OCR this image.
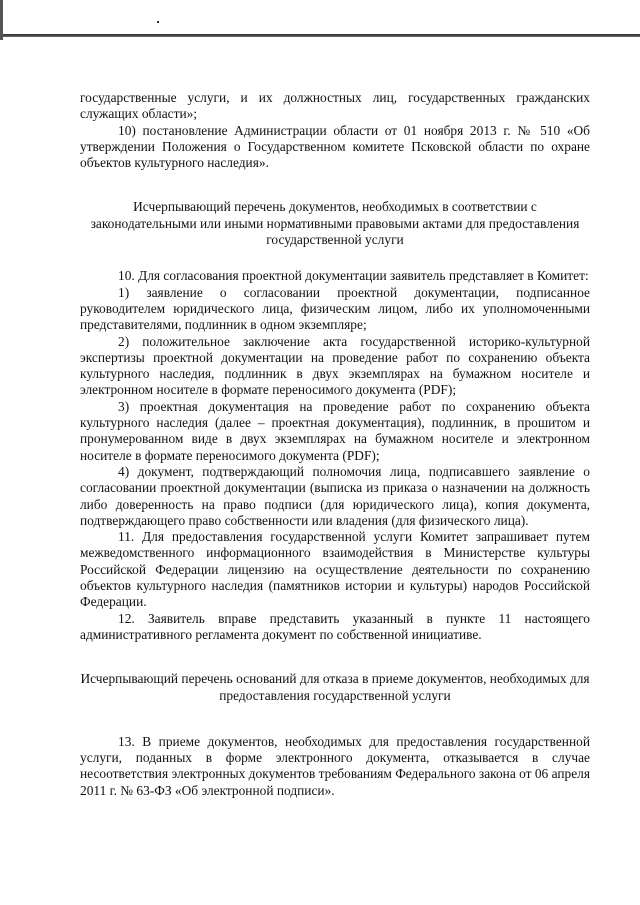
государственные услуги, и их должностных лиц, государственных гражданских служащих области»;

10) постановление Администрации области от 01 ноября 2013 г. № 510 «Об утверждении Положения о Государственном комитете Псковской области по охране объектов культурного наследия».

Исчерпывающий перечень документов, необходимых в соответствии с законодательными или иными нормативными правовыми актами для предоставления государственной услуги

10. Для согласования проектной документации заявитель представляет в Комитет:

1) заявление о согласовании проектной документации, подписанное руководителем юридического лица, физическим лицом, либо их уполномоченными представителями, подлинник в одном экземпляре;

2) положительное заключение акта государственной историко-культурной экспертизы проектной документации на проведение работ по сохранению объекта культурного наследия, подлинник в двух экземплярах на бумажном носителе и электронном носителе в формате переносимого документа (PDF);

3) проектная документация на проведение работ по сохранению объекта культурного наследия (далее – проектная документация), подлинник, в прошитом и пронумерованном виде в двух экземплярах на бумажном носителе и электронном носителе в формате переносимого документа (PDF);

4) документ, подтверждающий полномочия лица, подписавшего заявление о согласовании проектной документации (выписка из приказа о назначении на должность либо доверенность на право подписи (для юридического лица), копия документа, подтверждающего право собственности или владения (для физического лица).

11. Для предоставления государственной услуги Комитет запрашивает путем межведомственного информационного взаимодействия в Министерстве культуры Российской Федерации лицензию на осуществление деятельности по сохранению объектов культурного наследия (памятников истории и культуры) народов Российской Федерации.

12. Заявитель вправе представить указанный в пункте 11 настоящего административного регламента документ по собственной инициативе.

Исчерпывающий перечень оснований для отказа в приеме документов, необходимых для предоставления государственной услуги

13. В приеме документов, необходимых для предоставления государственной услуги, поданных в форме электронного документа, отказывается в случае несоответствия электронных документов требованиям Федерального закона от 06 апреля 2011 г. № 63-ФЗ «Об электронной подписи».
